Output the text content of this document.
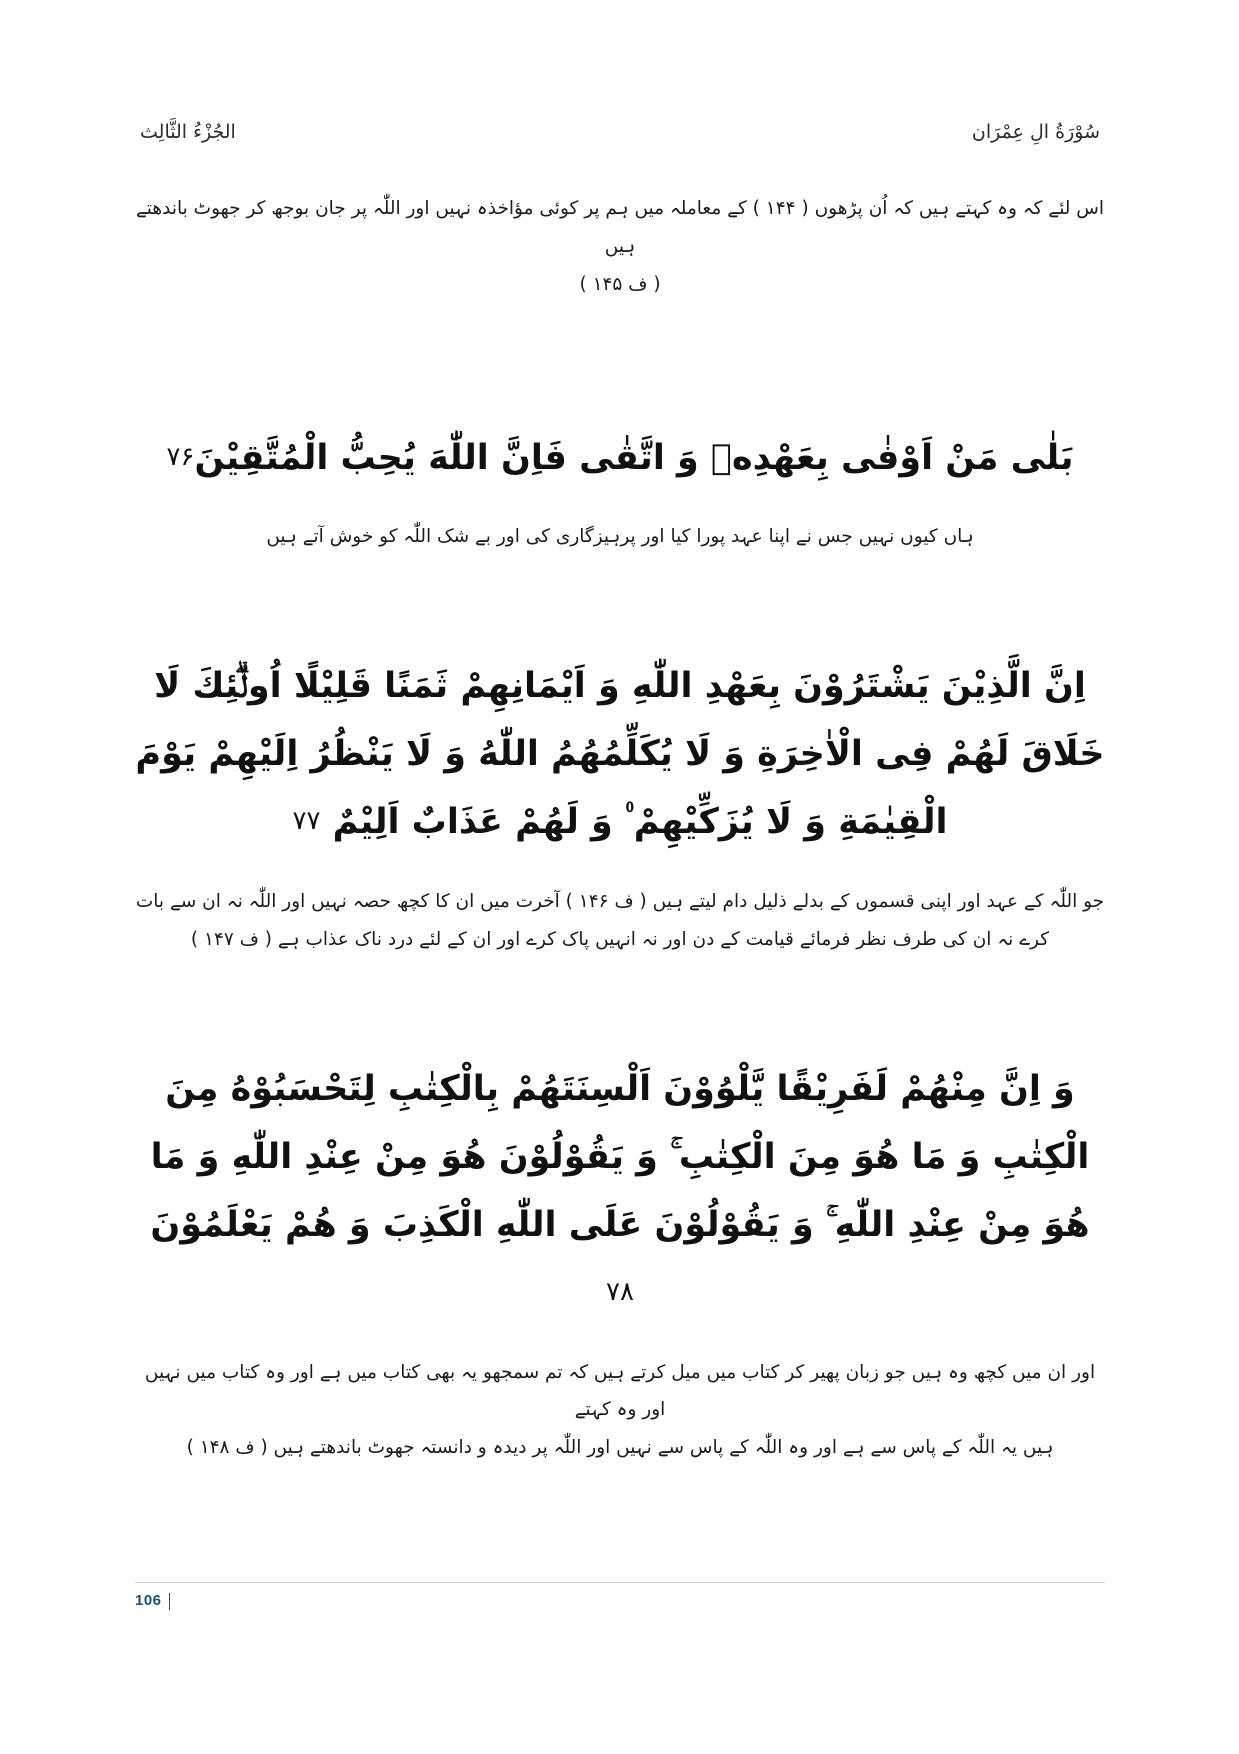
سُوْرَةُ الِ عِمْرَان
الجُزْءُ الثَّالِث
اس لئے کہ وہ کہتے ہیں کہ اُن پڑھوں ( ۱۴۴ ) کے معاملہ میں ہم پر کوئی مؤاخذہ نہیں اور اللّٰہ پر جان بوجھ کر جھوٹ باندھتے ہیں
( ف ۱۴۵ )
بَلٰى مَنْ اَوْفٰى بِعَهْدِهٖ وَ اتَّقٰى فَاِنَّ اللّٰهَ يُحِبُّ الْمُتَّقِيْنَ۷۶
ہاں کیوں نہیں جس نے اپنا عہد پورا کیا اور پرہیزگاری کی اور بے شک اللّٰہ کو خوش آتے ہیں
اِنَّ الَّذِيْنَ يَشْتَرُوْنَ بِعَهْدِ اللّٰهِ وَ اَيْمَانِهِمْ ثَمَنًا قَلِيْلًا اُولٰۗئِكَ لَا خَلَاقَ لَهُمْ فِى الْاٰخِرَةِ وَ لَا يُكَلِّمُهُمُ اللّٰهُ وَ لَا يَنْظُرُ اِلَيْهِمْ يَوْمَ الْقِيٰمَةِ وَ لَا يُزَكِّيْهِمْ ۠ وَ لَهُمْ عَذَابٌ اَلِيْمٌ ۷۷
جو اللّٰہ کے عہد اور اپنی قسموں کے بدلے ذلیل دام لیتے ہیں ( ف ۱۴۶ ) آخرت میں ان کا کچھ حصہ نہیں اور اللّٰہ نہ ان سے بات
کرے نہ ان کی طرف نظر فرمائے قیامت کے دن اور نہ انہیں پاک کرے اور ان کے لئے درد ناک عذاب ہے ( ف ۱۴۷ )
وَ اِنَّ مِنْهُمْ لَفَرِيْقًا يَّلْوُوْنَ اَلْسِنَتَهُمْ بِالْكِتٰبِ لِتَحْسَبُوْهُ مِنَ الْكِتٰبِ وَ مَا هُوَ مِنَ الْكِتٰبِ ۚ وَ يَقُوْلُوْنَ هُوَ مِنْ عِنْدِ اللّٰهِ وَ مَا هُوَ مِنْ عِنْدِ اللّٰهِ ۚ وَ يَقُوْلُوْنَ عَلَى اللّٰهِ الْكَذِبَ وَ هُمْ يَعْلَمُوْنَ ۷۸
اور ان میں کچھ وہ ہیں جو زبان پھیر کر کتاب میں میل کرتے ہیں کہ تم سمجھو یہ بھی کتاب میں ہے اور وہ کتاب میں نہیں اور وہ کہتے
ہیں یہ اللّٰہ کے پاس سے ہے اور وہ اللّٰہ کے پاس سے نہیں اور اللّٰہ پر دیدہ و دانستہ جھوٹ باندھتے ہیں ( ف ۱۴۸ )
106
